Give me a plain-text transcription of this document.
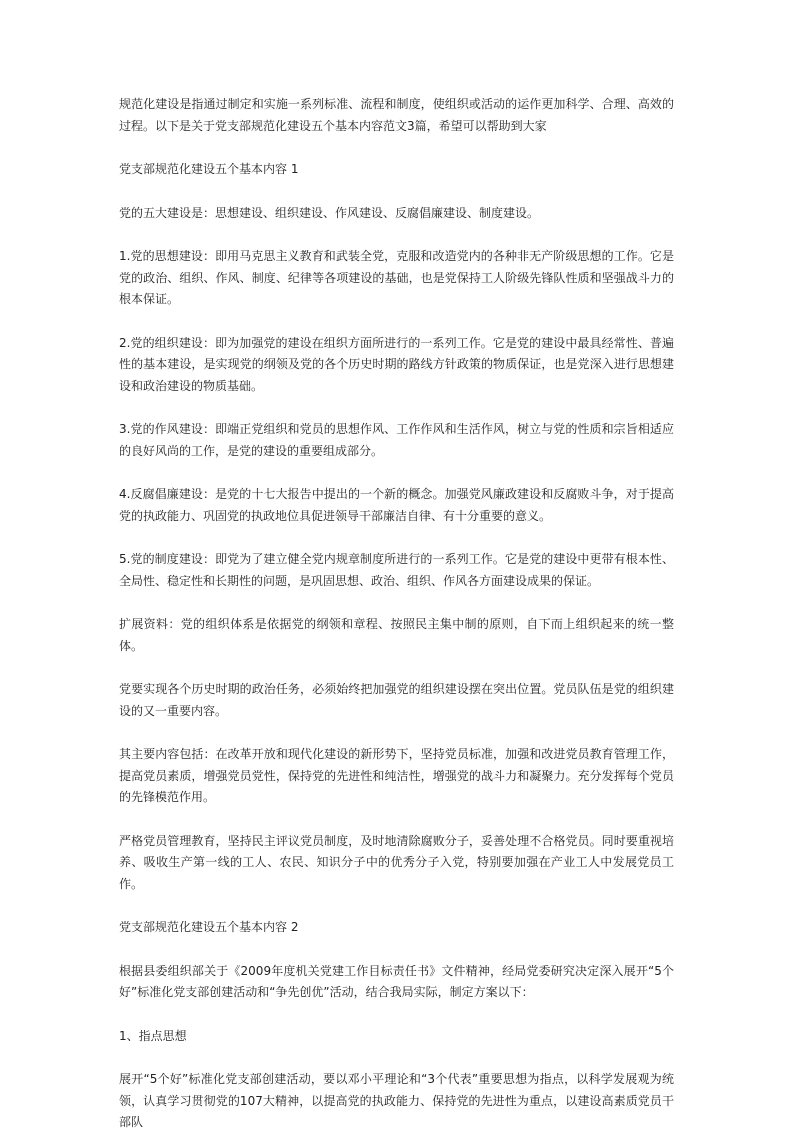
规范化建设是指通过制定和实施一系列标准、流程和制度，使组织或活动的运作更加科学、合理、高效的过程。以下是关于党支部规范化建设五个基本内容范文3篇，希望可以帮助到大家

党支部规范化建设五个基本内容 1

党的五大建设是：思想建设、组织建设、作风建设、反腐倡廉建设、制度建设。

1.党的思想建设：即用马克思主义教育和武装全党，克服和改造党内的各种非无产阶级思想的工作。它是党的政治、组织、作风、制度、纪律等各项建设的基础，也是党保持工人阶级先锋队性质和坚强战斗力的根本保证。

2.党的组织建设：即为加强党的建设在组织方面所进行的一系列工作。它是党的建设中最具经常性、普遍性的基本建设，是实现党的纲领及党的各个历史时期的路线方针政策的物质保证，也是党深入进行思想建设和政治建设的物质基础。

3.党的作风建设：即端正党组织和党员的思想作风、工作作风和生活作风，树立与党的性质和宗旨相适应的良好风尚的工作，是党的建设的重要组成部分。

4.反腐倡廉建设：是党的十七大报告中提出的一个新的概念。加强党风廉政建设和反腐败斗争，对于提高党的执政能力、巩固党的执政地位具促进领导干部廉洁自律、有十分重要的意义。

5.党的制度建设：即党为了建立健全党内规章制度所进行的一系列工作。它是党的建设中更带有根本性、全局性、稳定性和长期性的问题，是巩固思想、政治、组织、作风各方面建设成果的保证。

扩展资料：党的组织体系是依据党的纲领和章程、按照民主集中制的原则，自下而上组织起来的统一整体。

党要实现各个历史时期的政治任务，必须始终把加强党的组织建设摆在突出位置。党员队伍是党的组织建设的又一重要内容。

其主要内容包括：在改革开放和现代化建设的新形势下，坚持党员标准，加强和改进党员教育管理工作，提高党员素质，增强党员党性，保持党的先进性和纯洁性，增强党的战斗力和凝聚力。充分发挥每个党员的先锋模范作用。

严格党员管理教育，坚持民主评议党员制度，及时地清除腐败分子，妥善处理不合格党员。同时要重视培养、吸收生产第一线的工人、农民、知识分子中的优秀分子入党，特别要加强在产业工人中发展党员工作。

党支部规范化建设五个基本内容 2

根据县委组织部关于《2009年度机关党建工作目标责任书》文件精神，经局党委研究决定深入展开“5个好”标准化党支部创建活动和“争先创优”活动，结合我局实际，制定方案以下：

1、指点思想

展开“5个好”标准化党支部创建活动，要以邓小平理论和“3个代表”重要思想为指点，以科学发展观为统领，认真学习贯彻党的107大精神，以提高党的执政能力、保持党的先进性为重点，以建设高素质党员干部队
